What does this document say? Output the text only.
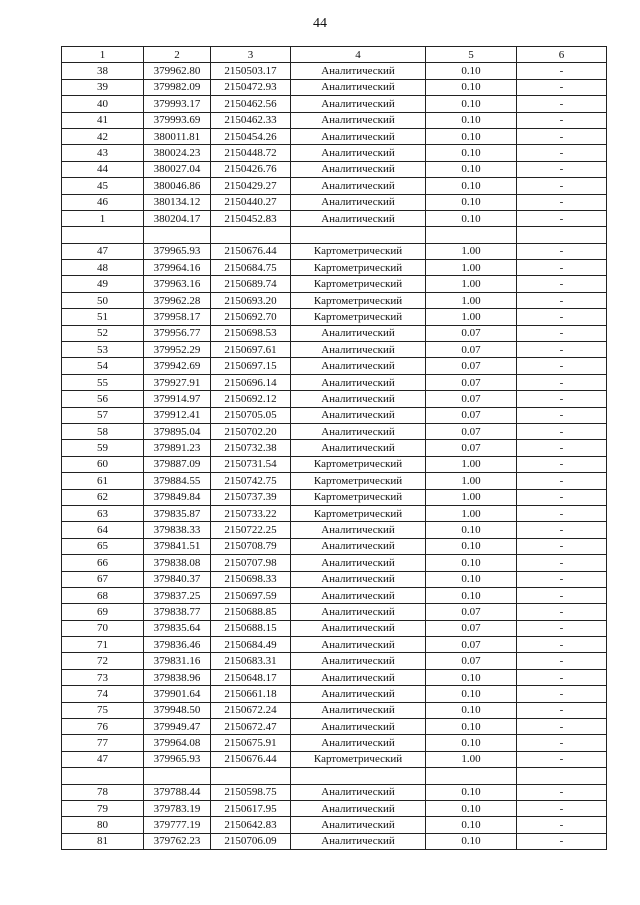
44
1	2	3	4	5	6
38	379962.80	2150503.17	Аналитический	0.10	-
39	379982.09	2150472.93	Аналитический	0.10	-
40	379993.17	2150462.56	Аналитический	0.10	-
41	379993.69	2150462.33	Аналитический	0.10	-
42	380011.81	2150454.26	Аналитический	0.10	-
43	380024.23	2150448.72	Аналитический	0.10	-
44	380027.04	2150426.76	Аналитический	0.10	-
45	380046.86	2150429.27	Аналитический	0.10	-
46	380134.12	2150440.27	Аналитический	0.10	-
1	380204.17	2150452.83	Аналитический	0.10	-

47	379965.93	2150676.44	Картометрический	1.00	-
48	379964.16	2150684.75	Картометрический	1.00	-
49	379963.16	2150689.74	Картометрический	1.00	-
50	379962.28	2150693.20	Картометрический	1.00	-
51	379958.17	2150692.70	Картометрический	1.00	-
52	379956.77	2150698.53	Аналитический	0.07	-
53	379952.29	2150697.61	Аналитический	0.07	-
54	379942.69	2150697.15	Аналитический	0.07	-
55	379927.91	2150696.14	Аналитический	0.07	-
56	379914.97	2150692.12	Аналитический	0.07	-
57	379912.41	2150705.05	Аналитический	0.07	-
58	379895.04	2150702.20	Аналитический	0.07	-
59	379891.23	2150732.38	Аналитический	0.07	-
60	379887.09	2150731.54	Картометрический	1.00	-
61	379884.55	2150742.75	Картометрический	1.00	-
62	379849.84	2150737.39	Картометрический	1.00	-
63	379835.87	2150733.22	Картометрический	1.00	-
64	379838.33	2150722.25	Аналитический	0.10	-
65	379841.51	2150708.79	Аналитический	0.10	-
66	379838.08	2150707.98	Аналитический	0.10	-
67	379840.37	2150698.33	Аналитический	0.10	-
68	379837.25	2150697.59	Аналитический	0.10	-
69	379838.77	2150688.85	Аналитический	0.07	-
70	379835.64	2150688.15	Аналитический	0.07	-
71	379836.46	2150684.49	Аналитический	0.07	-
72	379831.16	2150683.31	Аналитический	0.07	-
73	379838.96	2150648.17	Аналитический	0.10	-
74	379901.64	2150661.18	Аналитический	0.10	-
75	379948.50	2150672.24	Аналитический	0.10	-
76	379949.47	2150672.47	Аналитический	0.10	-
77	379964.08	2150675.91	Аналитический	0.10	-
47	379965.93	2150676.44	Картометрический	1.00	-

78	379788.44	2150598.75	Аналитический	0.10	-
79	379783.19	2150617.95	Аналитический	0.10	-
80	379777.19	2150642.83	Аналитический	0.10	-
81	379762.23	2150706.09	Аналитический	0.10	-
